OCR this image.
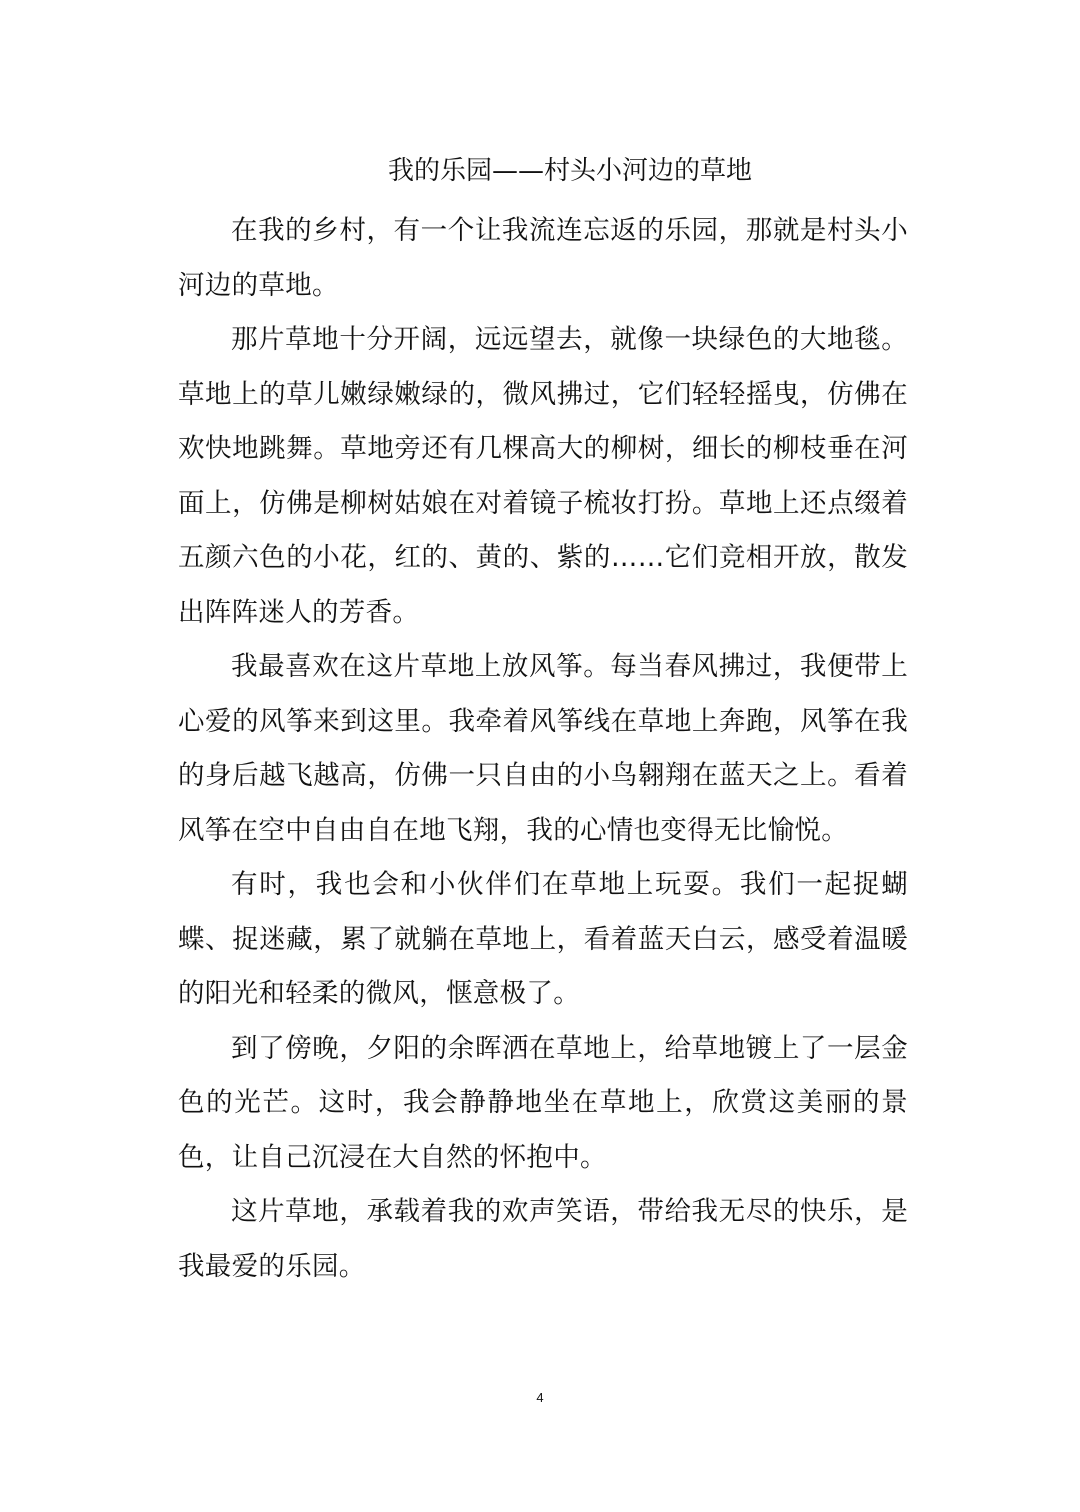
我的乐园——村头小河边的草地

在我的乡村，有一个让我流连忘返的乐园，那就是村头小河边的草地。

那片草地十分开阔，远远望去，就像一块绿色的大地毯。草地上的草儿嫩绿嫩绿的，微风拂过，它们轻轻摇曳，仿佛在欢快地跳舞。草地旁还有几棵高大的柳树，细长的柳枝垂在河面上，仿佛是柳树姑娘在对着镜子梳妆打扮。草地上还点缀着五颜六色的小花，红的、黄的、紫的……它们竞相开放，散发出阵阵迷人的芳香。

我最喜欢在这片草地上放风筝。每当春风拂过，我便带上心爱的风筝来到这里。我牵着风筝线在草地上奔跑，风筝在我的身后越飞越高，仿佛一只自由的小鸟翱翔在蓝天之上。看着风筝在空中自由自在地飞翔，我的心情也变得无比愉悦。

有时，我也会和小伙伴们在草地上玩耍。我们一起捉蝴蝶、捉迷藏，累了就躺在草地上，看着蓝天白云，感受着温暖的阳光和轻柔的微风，惬意极了。

到了傍晚，夕阳的余晖洒在草地上，给草地镀上了一层金色的光芒。这时，我会静静地坐在草地上，欣赏这美丽的景色，让自己沉浸在大自然的怀抱中。

这片草地，承载着我的欢声笑语，带给我无尽的快乐，是我最爱的乐园。

4
